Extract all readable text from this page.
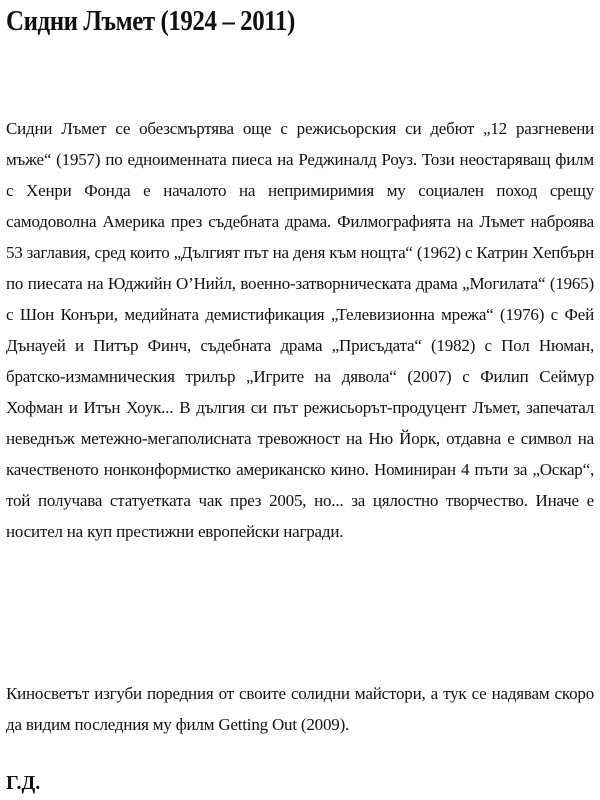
Сидни Лъмет (1924 – 2011)

Сидни Лъмет се обезсмъртява още с режисьорския си дебют „12 разгневени мъже“ (1957) по едноименната пиеса на Реджиналд Роуз. Този неостаряващ филм с Хенри Фонда е началото на непримиримия му социален поход срещу самодоволна Америка през съдебната драма. Филмографията на Лъмет наброява 53 заглавия, сред които „Дългият път на деня към нощта“ (1962) с Катрин Хепбърн по пиесата на Юджийн О’Нийл, военно-затворническата драма „Могилата“ (1965) с Шон Конъри, медийната демистификация „Телевизионна мрежа“ (1976) с Фей Дънауей и Питър Финч, съдебната драма „Присъдата“ (1982) с Пол Нюман, братско-измамническия трилър „Игрите на дявола“ (2007) с Филип Сеймур Хофман и Итън Хоук... В дългия си път режисьорът-продуцент Лъмет, запечатал неведнъж метежно-мегаполисната тревожност на Ню Йорк, отдавна е символ на качественото нонконформистко американско кино. Номиниран 4 пъти за „Оскар“, той получава статуетката чак през 2005, но... за цялостно творчество. Иначе е носител на куп престижни европейски награди.

Киносветът изгуби поредния от своите солидни майстори, а тук се надявам скоро да видим последния му филм Getting Out (2009).

Г.Д.
